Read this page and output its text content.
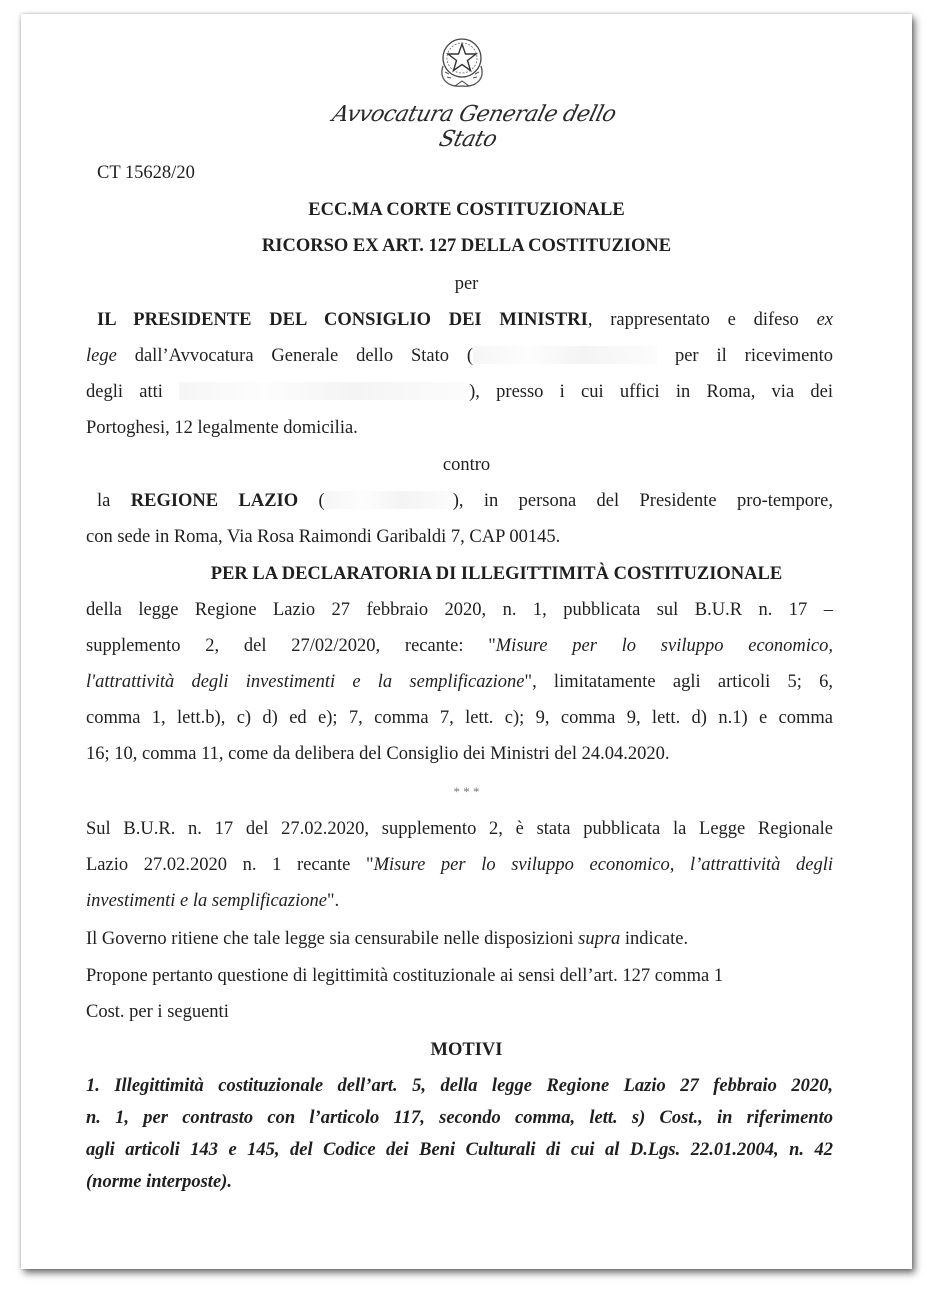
Avvocatura Generale dello Stato
CT 15628/20
ECC.MA CORTE COSTITUZIONALE
RICORSO EX ART. 127 DELLA COSTITUZIONE
per
IL PRESIDENTE DEL CONSIGLIO DEI MINISTRI, rappresentato e difeso ex
lege dall’Avvocatura Generale dello Stato (	per il ricevimento
degli atti	), presso i cui uffici in Roma, via dei
Portoghesi, 12 legalmente domicilia.
contro
la REGIONE LAZIO (	), in persona del Presidente pro-tempore,
con sede in Roma, Via Rosa Raimondi Garibaldi 7, CAP 00145.
PER LA DECLARATORIA DI ILLEGITTIMITÀ COSTITUZIONALE
della legge Regione Lazio 27 febbraio 2020, n. 1, pubblicata sul B.U.R n. 17 –
supplemento 2, del 27/02/2020, recante: "Misure per lo sviluppo economico,
l'attrattività degli investimenti e la semplificazione", limitatamente agli articoli 5; 6,
comma 1, lett.b), c) d) ed e); 7, comma 7, lett. c); 9, comma 9, lett. d) n.1) e comma
16; 10, comma 11, come da delibera del Consiglio dei Ministri del 24.04.2020.
* * *
Sul B.U.R. n. 17 del 27.02.2020, supplemento 2, è stata pubblicata la Legge Regionale
Lazio 27.02.2020 n. 1 recante "Misure per lo sviluppo economico, l’attrattività degli
investimenti e la semplificazione".
Il Governo ritiene che tale legge sia censurabile nelle disposizioni supra indicate.
Propone pertanto questione di legittimità costituzionale ai sensi dell’art. 127 comma 1
Cost. per i seguenti
MOTIVI
1. Illegittimità costituzionale dell’art. 5, della legge Regione Lazio 27 febbraio 2020,
n. 1, per contrasto con l’articolo 117, secondo comma, lett. s) Cost., in riferimento
agli articoli 143 e 145, del Codice dei Beni Culturali di cui al D.Lgs. 22.01.2004, n. 42
(norme interposte).
